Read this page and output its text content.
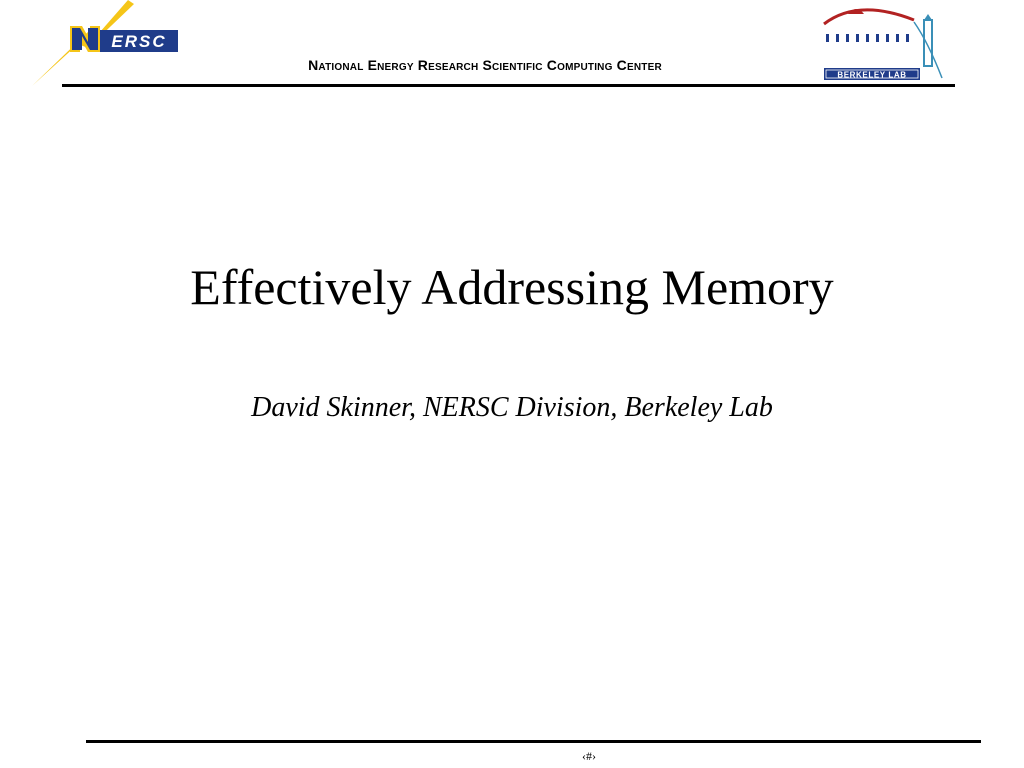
ERSC
National Energy Research Scientific Computing Center
BERKELEY LAB
Effectively Addressing Memory
David Skinner, NERSC Division, Berkeley Lab
‹#›
